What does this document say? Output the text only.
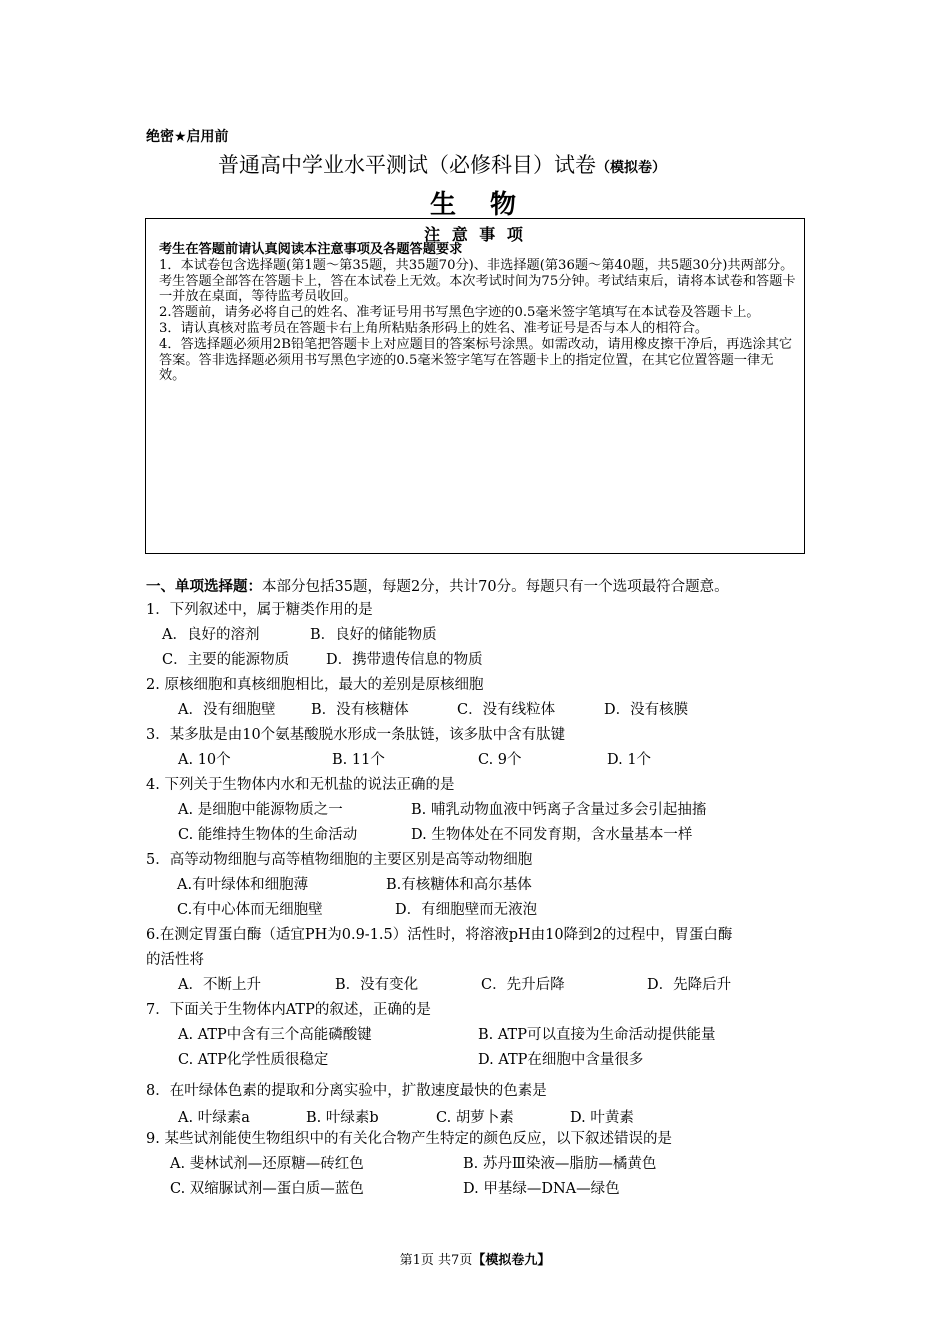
绝密★启用前
普通高中学业水平测试（必修科目）试卷（模拟卷）
生　物
注 意 事 项

考生在答题前请认真阅读本注意事项及各题答题要求

1．本试卷包含选择题(第1题～第35题，共35题70分)、非选择题(第36题～第40题，共5题30分)共两部分。考生答题全部答在答题卡上，答在本试卷上无效。本次考试时间为75分钟。考试结束后，请将本试卷和答题卡一并放在桌面，等待监考员收回。

2.答题前，请务必将自己的姓名、准考证号用书写黑色字迹的0.5毫米签字笔填写在本试卷及答题卡上。

3．请认真核对监考员在答题卡右上角所粘贴条形码上的姓名、准考证号是否与本人的相符合。

4．答选择题必须用2B铅笔把答题卡上对应题目的答案标号涂黑。如需改动，请用橡皮擦干净后，再选涂其它答案。答非选择题必须用书写黑色字迹的0.5毫米签字笔写在答题卡上的指定位置，在其它位置答题一律无效。

一、单项选择题：本部分包括35题，每题2分，共计70分。每题只有一个选项最符合题意。
1．下列叙述中，属于糖类作用的是
A．良好的溶剂	B．良好的储能物质
C．主要的能源物质	D．携带遗传信息的物质
2. 原核细胞和真核细胞相比，最大的差别是原核细胞
A．没有细胞壁 B．没有核糖体	C．没有线粒体	D．没有核膜
3．某多肽是由10个氨基酸脱水形成一条肽链，该多肽中含有肽键
A. 10个	B. 11个	C. 9个	D. 1个
4. 下列关于生物体内水和无机盐的说法正确的是
A. 是细胞中能源物质之一	B. 哺乳动物血液中钙离子含量过多会引起抽搐
C. 能维持生物体的生命活动	D. 生物体处在不同发育期，含水量基本一样
5．高等动物细胞与高等植物细胞的主要区别是高等动物细胞
A.有叶绿体和细胞薄	B.有核糖体和高尔基体
C.有中心体而无细胞壁	D．有细胞壁而无液泡
6.在测定胃蛋白酶（适宜PH为0.9-1.5）活性时，将溶液pH由10降到2的过程中，胃蛋白酶
的活性将
A．不断上升	B．没有变化	C．先升后降	D．先降后升
7．下面关于生物体内ATP的叙述，正确的是
A. ATP中含有三个高能磷酸键	B. ATP可以直接为生命活动提供能量
C. ATP化学性质很稳定	D. ATP在细胞中含量很多
8．在叶绿体色素的提取和分离实验中，扩散速度最快的色素是
A. 叶绿素a	B. 叶绿素b	C. 胡萝卜素	D. 叶黄素
9. 某些试剂能使生物组织中的有关化合物产生特定的颜色反应，以下叙述错误的是
A. 斐林试剂—还原糖—砖红色	B. 苏丹Ⅲ染液—脂肪—橘黄色
C. 双缩脲试剂—蛋白质—蓝色	D. 甲基绿—DNA—绿色
第1页 共7页【模拟卷九】
